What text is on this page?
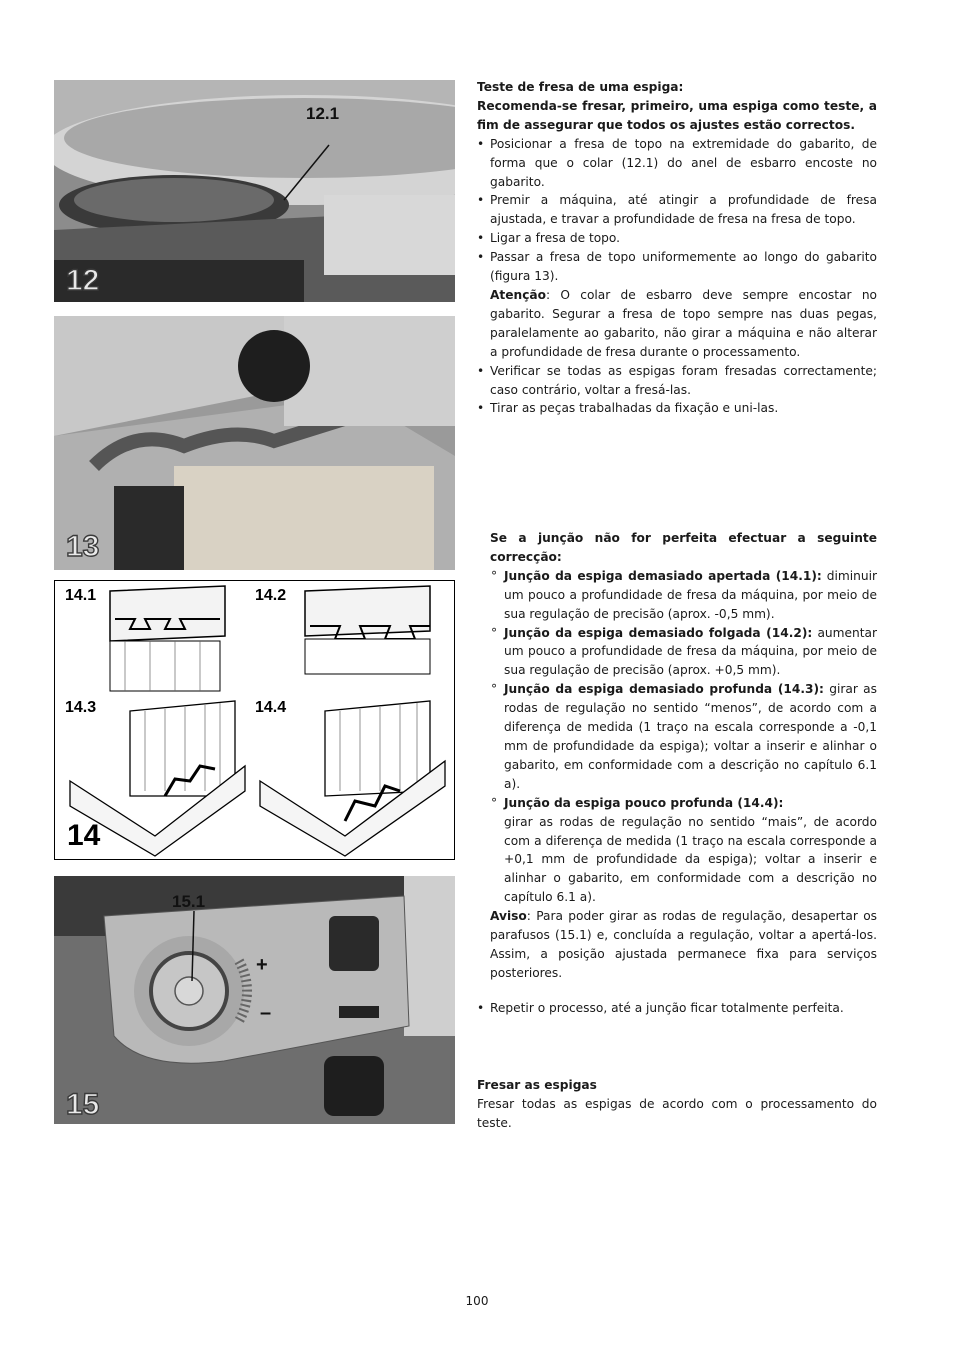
12.1
12
13
14.1	14.2
14.3	14.4
14
15.1
+
–
15

Teste de fresa de uma espiga:

Recomenda-se fresar, primeiro, uma espiga como teste, a fim de assegurar que todos os ajustes estão correctos.

• Posicionar a fresa de topo na extremidade do gabarito, de forma que o colar (12.1) do anel de esbarro encoste no gabarito.
• Premir a máquina, até atingir a profundidade de fresa ajustada, e travar a profundidade de fresa na fresa de topo.
• Ligar a fresa de topo.
• Passar a fresa de topo uniformemente ao longo do gabarito (figura 13).

Atenção: O colar de esbarro deve sempre encostar no gabarito. Segurar a fresa de topo sempre nas duas pegas, paralelamente ao gabarito, não girar a máquina e não alterar a profundidade de fresa durante o processamento.

• Verificar se todas as espigas foram fresadas correctamente; caso contrário, voltar a fresá-las.
• Tirar as peças trabalhadas da fixação e uni-las.

Se a junção não for perfeita efectuar a seguinte correcção:

° Junção da espiga demasiado apertada (14.1): diminuir um pouco a profundidade de fresa da máquina, por meio de sua regulação de precisão (aprox. -0,5 mm).
° Junção da espiga demasiado folgada (14.2): aumentar um pouco a profundidade de fresa da máquina, por meio de sua regulação de precisão (aprox. +0,5 mm).
° Junção da espiga demasiado profunda (14.3): girar as rodas de regulação no sentido “menos”, de acordo com a diferença de medida (1 traço na escala corresponde a -0,1 mm de profundidade da espiga); voltar a inserir e alinhar o gabarito, em conformidade com a descrição no capítulo 6.1 a).
° Junção da espiga pouco profunda (14.4):
girar as rodas de regulação no sentido “mais”, de acordo com a diferença de medida (1 traço na escala corresponde a +0,1 mm de profundidade da espiga); voltar a inserir e alinhar o gabarito, em conformidade com a descrição no capítulo 6.1 a).

Aviso: Para poder girar as rodas de regulação, desapertar os parafusos (15.1) e, concluída a regulação, voltar a apertá-los. Assim, a posição ajustada permanece fixa para serviços posteriores.

• Repetir o processo, até a junção ficar totalmente perfeita.

Fresar as espigas

Fresar todas as espigas de acordo com o processamento do teste.

100
